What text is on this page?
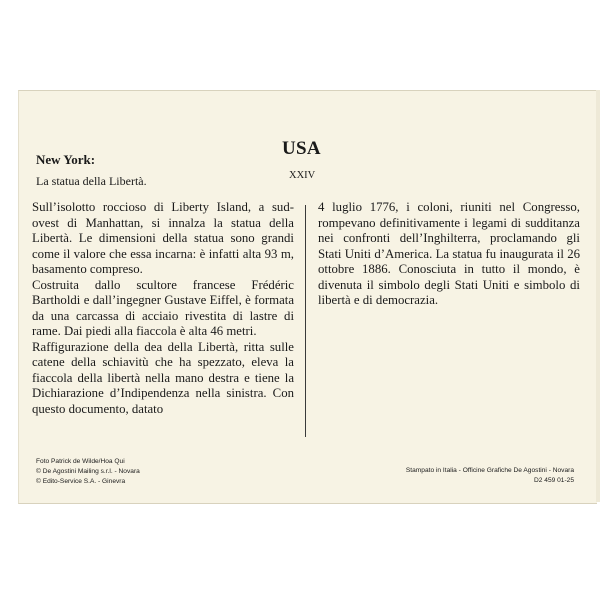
USA
XXIV
New York:
La statua della Libertà.

Sull’isolotto roccioso di Liberty Island, a sud-ovest di Manhattan, si innalza la statua della Libertà. Le dimensioni della statua sono grandi come il valore che essa incarna: è infatti alta 93 m, basamento compreso.

Costruita dallo scultore francese Frédéric Bartholdi e dall’ingegner Gustave Eiffel, è formata da una carcassa di acciaio rivestita di lastre di rame. Dai piedi alla fiaccola è alta 46 metri.

Raffigurazione della dea della Libertà, ritta sulle catene della schiavitù che ha spezzato, eleva la fiaccola della libertà nella mano destra e tiene la Dichiarazione d’Indipendenza nella sinistra. Con questo documento, datato

4 luglio 1776, i coloni, riuniti nel Congresso, rompevano definitivamente i legami di sudditanza nei confronti dell’Inghilterra, proclamando gli Stati Uniti d’America. La statua fu inaugurata il 26 ottobre 1886. Conosciuta in tutto il mondo, è divenuta il simbolo degli Stati Uniti e simbolo di libertà e di democrazia.

Foto Patrick de Wilde/Hoa Qui
© De Agostini Mailing s.r.l. - Novara
© Edito-Service S.A. - Ginevra
Stampato in Italia - Officine Grafiche De Agostini - Novara
D2 459 01-25
